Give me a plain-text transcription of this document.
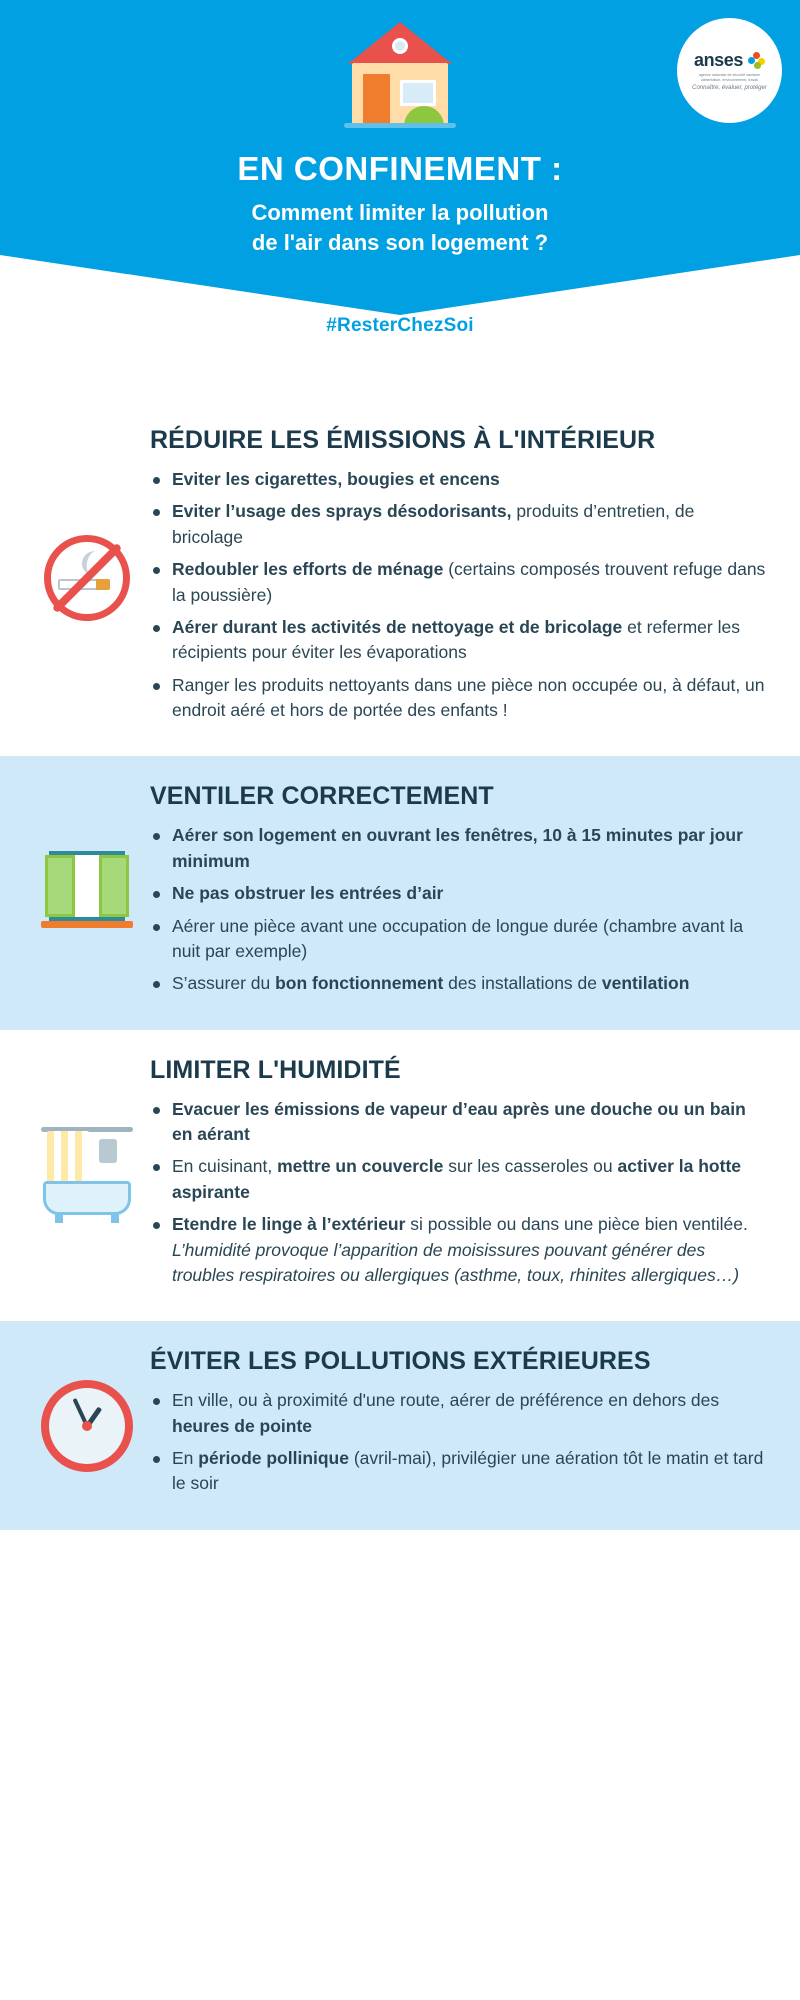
anses
agence nationale de sécurité sanitaire alimentation, environnement, travail
Connaître, évaluer, protéger
EN CONFINEMENT :

Comment limiter la pollution

de l'air dans son logement ?

#ResterChezSoi
RÉDUIRE LES ÉMISSIONS À L'INTÉRIEUR
Eviter les cigarettes, bougies et encens
Eviter l’usage des sprays désodorisants, produits d’entretien, de bricolage
Redoubler les efforts de ménage (certains composés trouvent refuge dans la poussière)
Aérer durant les activités de nettoyage et de bricolage et refermer les récipients pour éviter les évaporations
Ranger les produits nettoyants dans une pièce non occupée ou, à défaut, un endroit aéré et hors de portée des enfants !
VENTILER CORRECTEMENT
Aérer son logement en ouvrant les fenêtres, 10 à 15 minutes par jour minimum
Ne pas obstruer les entrées d’air
Aérer une pièce avant une occupation de longue durée (chambre avant la nuit par exemple)
S’assurer du bon fonctionnement des installations de ventilation
LIMITER L'HUMIDITÉ
Evacuer les émissions de vapeur d’eau après une douche ou un bain en aérant
En cuisinant, mettre un couvercle sur les casseroles ou activer la hotte aspirante
Etendre le linge à l’extérieur si possible ou dans une pièce bien ventilée.
L’humidité provoque l’apparition de moisissures pouvant générer des troubles respiratoires ou allergiques (asthme, toux, rhinites allergiques…)
ÉVITER LES POLLUTIONS EXTÉRIEURES
En ville, ou à proximité d'une route, aérer de préférence en dehors des heures de pointe
En période pollinique (avril-mai), privilégier une aération tôt le matin et tard le soir
